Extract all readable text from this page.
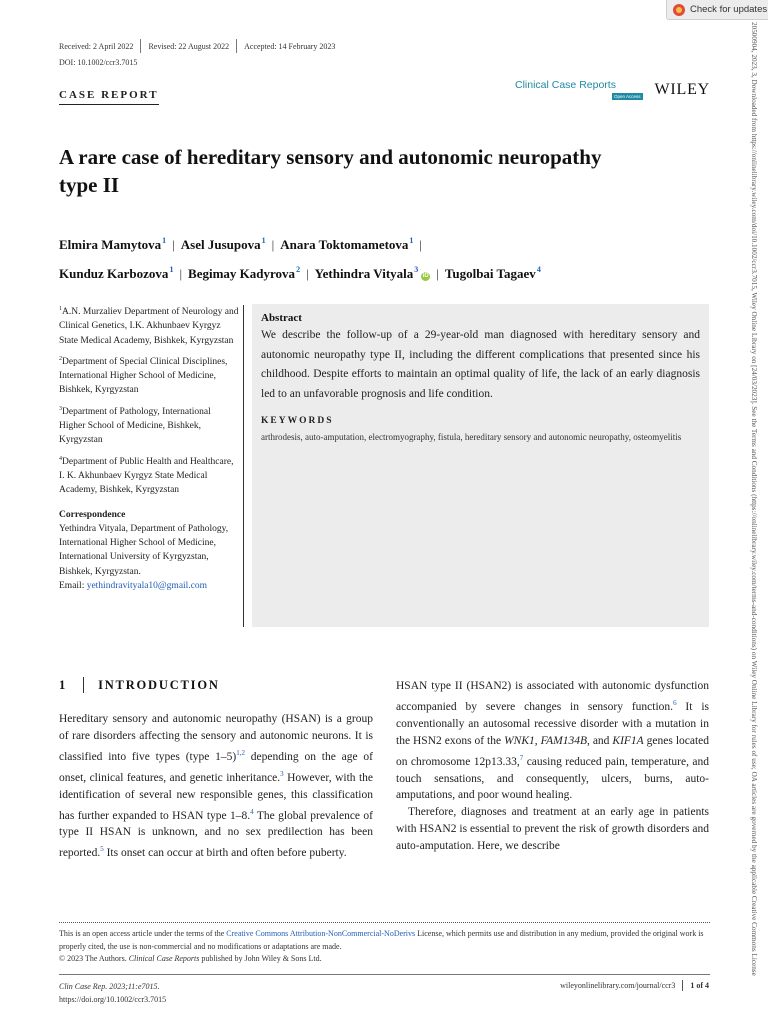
Check for updates
20500904, 2023, 3, Downloaded from https://onlinelibrary.wiley.com/doi/10.1002/ccr3.7015, Wiley Online Library on [24/03/2023]. See the Terms and Conditions (https://onlinelibrary.wiley.com/terms-and-conditions) on Wiley Online Library for rules of use; OA articles are governed by the applicable Creative Commons License
Received: 2 April 2022 Revised: 22 August 2022 Accepted: 14 February 2023
DOI: 10.1002/ccr3.7015
CASE REPORT
Clinical Case Reports
Open Access WILEY
A rare case of hereditary sensory and autonomic neuropathy type II
Elmira Mamytova$^1$ | Asel Jusupova$^1$ | Anara Toktomametova$^1$ |
Kunduz Karbozova$^1$ | Begimay Kadyrova$^2$ | Yethindra Vityala$^3$iD | Tugolbai Tagaev$^4$

$^1$A.N. Murzaliev Department of Neurology and Clinical Genetics, I.K. Akhunbaev Kyrgyz State Medical Academy, Bishkek, Kyrgyzstan

$^2$Department of Special Clinical Disciplines, International Higher School of Medicine, Bishkek, Kyrgyzstan

$^3$Department of Pathology, International Higher School of Medicine, Bishkek, Kyrgyzstan

$^4$Department of Public Health and Healthcare, I. K. Akhunbaev Kyrgyz State Medical Academy, Bishkek, Kyrgyzstan

Correspondence
Yethindra Vityala, Department of Pathology, International Higher School of Medicine, International University of Kyrgyzstan, Bishkek, Kyrgyzstan.
Email: yethindravityala10@gmail.com
Abstract
We describe the follow-up of a 29-year-old man diagnosed with hereditary sensory and autonomic neuropathy type II, including the different complications that presented since his childhood. Despite efforts to maintain an optimal quality of life, the lack of an early diagnosis led to an unfavorable prognosis and life condition.
KEYWORDS
arthrodesis, auto-amputation, electromyography, fistula, hereditary sensory and autonomic neuropathy, osteomyelitis
1 INTRODUCTION

Hereditary sensory and autonomic neuropathy (HSAN) is a group of rare disorders affecting the sensory and autonomic neurons. It is classified into five types (type 1–5)$^{1,2}$ depending on the age of onset, clinical features, and genetic inheritance.$^3$ However, with the identification of several new responsible genes, this classification has further expanded to HSAN type 1–8.$^4$ The global prevalence of type II HSAN is unknown, and no sex predilection has been reported.$^5$ Its onset can occur at birth and often before puberty.

HSAN type II (HSAN2) is associated with autonomic dysfunction accompanied by severe changes in sensory function.$^6$ It is conventionally an autosomal recessive disorder with a mutation in the HSN2 exons of the WNK1, FAM134B, and KIF1A genes located on chromosome 12p13.33,$^7$ causing reduced pain, temperature, and touch sensations, and consequently, ulcers, burns, auto-amputations, and poor wound healing.

Therefore, diagnoses and treatment at an early age in patients with HSAN2 is essential to prevent the risk of growth disorders and auto-amputation. Here, we describe

This is an open access article under the terms of the Creative Commons Attribution-NonCommercial-NoDerivs License, which permits use and distribution in any medium, provided the original work is properly cited, the use is non-commercial and no modifications or adaptations are made.
© 2023 The Authors. Clinical Case Reports published by John Wiley & Sons Ltd.
Clin Case Rep. 2023;11:e7015.
https://doi.org/10.1002/ccr3.7015
wileyonlinelibrary.com/journal/ccr3 1 of 4
